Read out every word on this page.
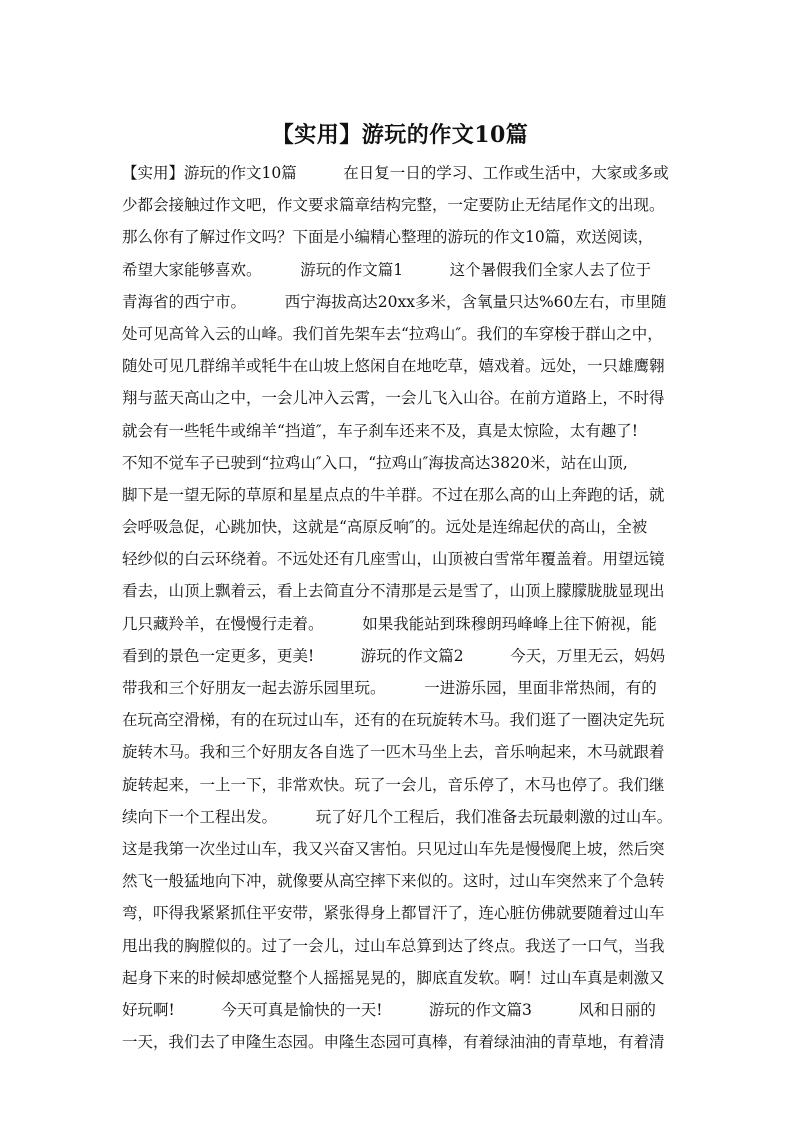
【实用】游玩的作文10篇
【实用】游玩的作文10篇　　　在日复一日的学习、工作或生活中，大家或多或
少都会接触过作文吧，作文要求篇章结构完整，一定要防止无结尾作文的出现。
那么你有了解过作文吗？下面是小编精心整理的游玩的作文10篇，欢送阅读，
希望大家能够喜欢。　　　游玩的作文篇1　　　这个暑假我们全家人去了位于
青海省的西宁市。　　　西宁海拔高达20xx多米，含氧量只达%60左右，市里随
处可见高耸入云的山峰。我们首先架车去“拉鸡山″。我们的车穿梭于群山之中，
随处可见几群绵羊或牦牛在山坡上悠闲自在地吃草，嬉戏着。远处，一只雄鹰翱
翔与蓝天高山之中，一会儿冲入云霄，一会儿飞入山谷。在前方道路上，不时得
就会有一些牦牛或绵羊“挡道″，车子刹车还来不及，真是太惊险，太有趣了!
不知不觉车子已驶到“拉鸡山″入口，“拉鸡山″海拔高达3820米，站在山顶,
脚下是一望无际的草原和星星点点的牛羊群。不过在那么高的山上奔跑的话，就
会呼吸急促，心跳加快，这就是“高原反响″的。远处是连绵起伏的高山，全被
轻纱似的白云环绕着。不远处还有几座雪山，山顶被白雪常年覆盖着。用望远镜
看去，山顶上飘着云，看上去简直分不清那是云是雪了，山顶上朦朦胧胧显现出
几只藏羚羊，在慢慢行走着。　　　如果我能站到珠穆朗玛峰峰上往下俯视，能
看到的景色一定更多，更美!　　　游玩的作文篇2　　　今天，万里无云，妈妈
带我和三个好朋友一起去游乐园里玩。　　　一进游乐园，里面非常热闹，有的
在玩高空滑梯，有的在玩过山车，还有的在玩旋转木马。我们逛了一圈决定先玩
旋转木马。我和三个好朋友各自选了一匹木马坐上去，音乐响起来，木马就跟着
旋转起来，一上一下，非常欢快。玩了一会儿，音乐停了，木马也停了。我们继
续向下一个工程出发。　　　玩了好几个工程后，我们准备去玩最刺激的过山车。
这是我第一次坐过山车，我又兴奋又害怕。只见过山车先是慢慢爬上坡，然后突
然飞一般猛地向下冲，就像要从高空摔下来似的。这时，过山车突然来了个急转
弯，吓得我紧紧抓住平安带，紧张得身上都冒汗了，连心脏仿佛就要随着过山车
甩出我的胸膛似的。过了一会儿，过山车总算到达了终点。我送了一口气，当我
起身下来的时候却感觉整个人摇摇晃晃的，脚底直发软。啊！过山车真是刺激又
好玩啊!　　　今天可真是愉快的一天!　　　游玩的作文篇3　　　风和日丽的
一天，我们去了申隆生态园。申隆生态园可真棒，有着绿油油的青草地，有着清
